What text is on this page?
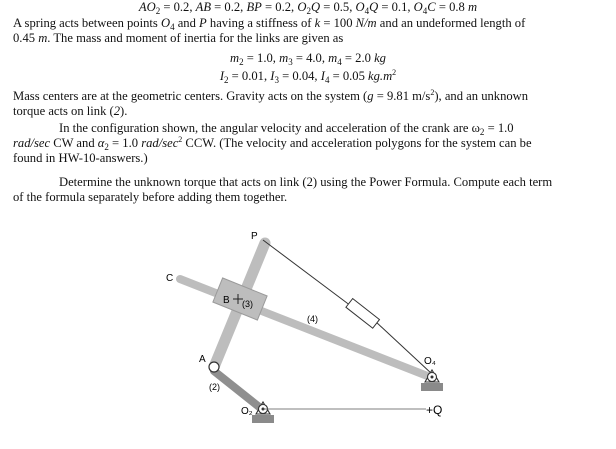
$AO_2 = 0.2$, AB = 0.2, BP = 0.2, $O_2Q = 0.5$, $O_4Q = 0.1$, $O_4C = 0.8$ m
A spring acts between points $O_4$ and P having a stiffness of k = 100 N/m and an undeformed length of
0.45 m. The mass and moment of inertia for the links are given as
$m_2 = 1.0$, $m_3 = 4.0$, $m_4 = 2.0$ kg
$I_2 = 0.01$, $I_3 = 0.04$, $I_4 = 0.05$ $kg.m^2$
Mass centers are at the geometric centers. Gravity acts on the system (g = 9.81 $m/s^2$), and an unknown
torque acts on link (2).
In the configuration shown, the angular velocity and acceleration of the crank are $\omega_2 = 1.0$
rad/sec CW and $\alpha_2 = 1.0$ rad/$\sec^2$ CCW. (The velocity and acceleration polygons for the system can be
found in HW-10-answers.)
Determine the unknown torque that acts on link (2) using the Power Formula. Compute each term
of the formula separately before adding them together.
P
C
B (3)
(4)
A
(2)
O₂
O₄
+Q
